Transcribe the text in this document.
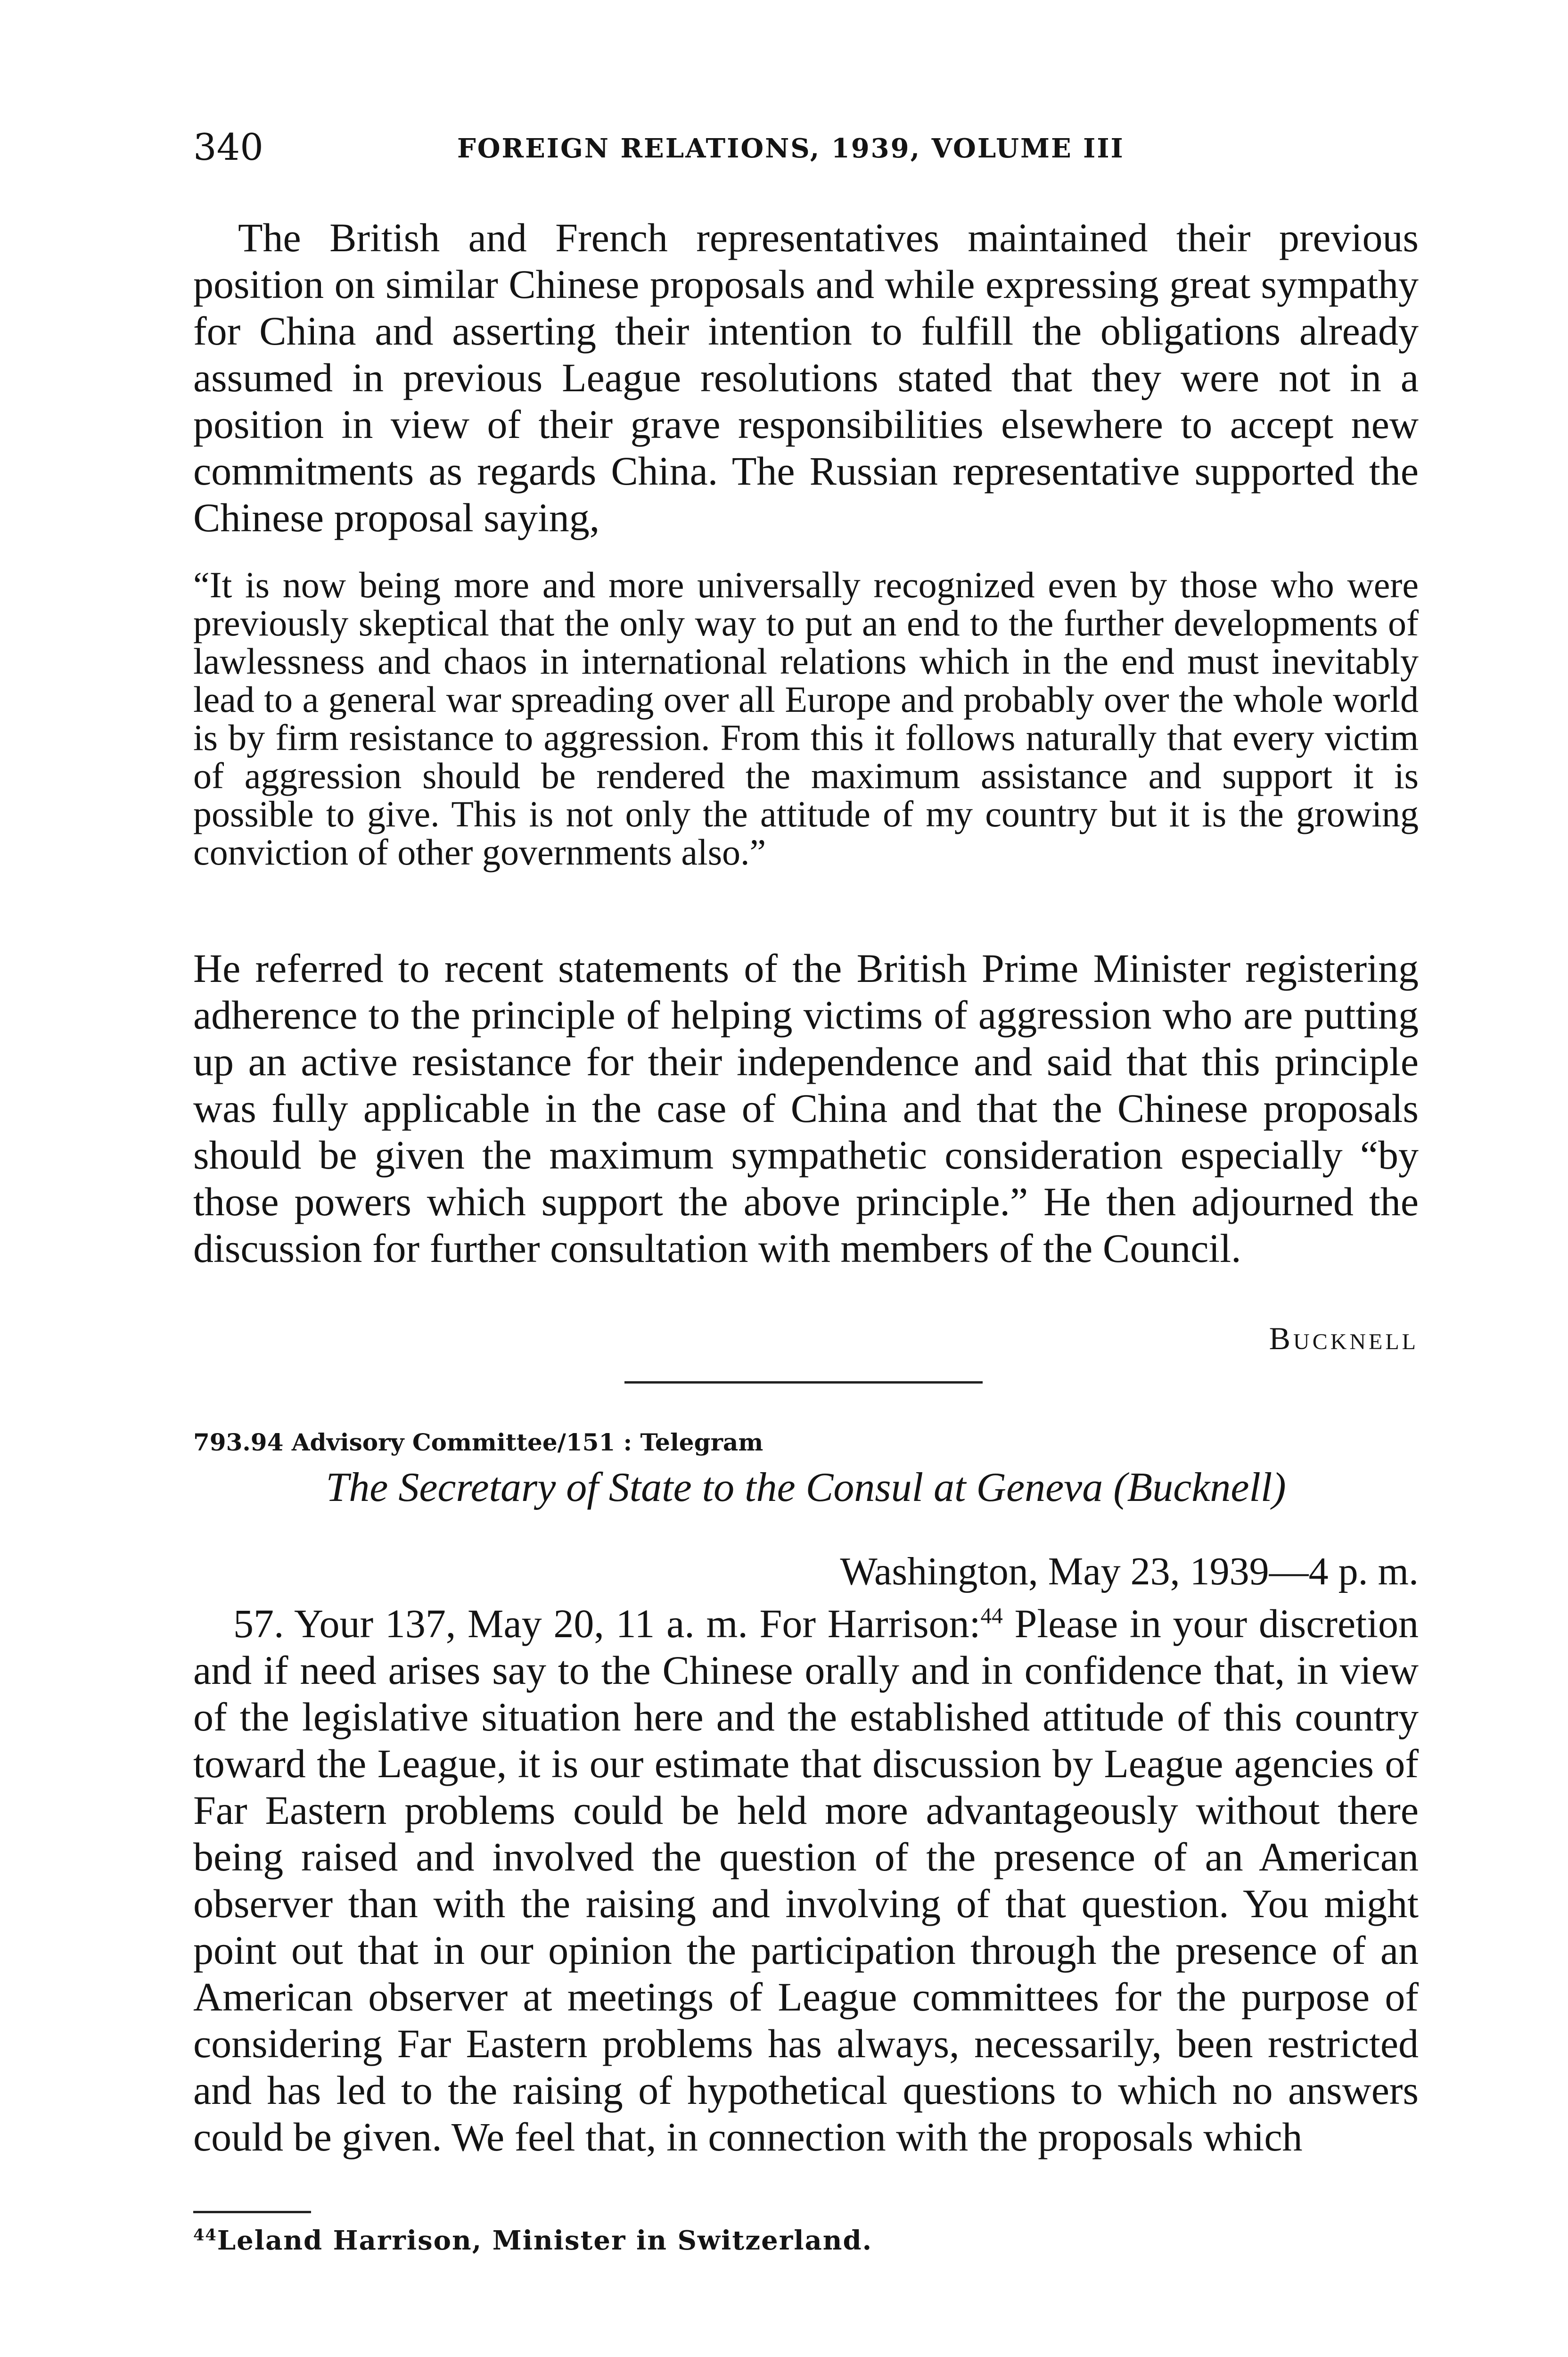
340	FOREIGN RELATIONS, 1939, VOLUME III

The British and French representatives maintained their previous position on similar Chinese proposals and while expressing great sympathy for China and asserting their intention to fulfill the obligations already assumed in previous League resolutions stated that they were not in a position in view of their grave responsibilities elsewhere to accept new commitments as regards China. The Russian representative supported the Chinese proposal saying,

“It is now being more and more universally recognized even by those who were previously skeptical that the only way to put an end to the further developments of lawlessness and chaos in international relations which in the end must inevitably lead to a general war spreading over all Europe and probably over the whole world is by firm resistance to aggression. From this it follows naturally that every victim of aggression should be rendered the maximum assistance and support it is possible to give. This is not only the attitude of my country but it is the growing conviction of other governments also.”

He referred to recent statements of the British Prime Minister registering adherence to the principle of helping victims of aggression who are putting up an active resistance for their independence and said that this principle was fully applicable in the case of China and that the Chinese proposals should be given the maximum sympathetic consideration especially “by those powers which support the above principle.” He then adjourned the discussion for further consultation with members of the Council.

Bucknell
793.94 Advisory Committee/151 : Telegram
The Secretary of State to the Consul at Geneva (Bucknell)
Washington, May 23, 1939—4 p. m.

57. Your 137, May 20, 11 a. m. For Harrison:$^{44}$ Please in your discretion and if need arises say to the Chinese orally and in confidence that, in view of the legislative situation here and the established attitude of this country toward the League, it is our estimate that discussion by League agencies of Far Eastern problems could be held more advantageously without there being raised and involved the question of the presence of an American observer than with the raising and involving of that question. You might point out that in our opinion the participation through the presence of an American observer at meetings of League committees for the purpose of considering Far Eastern problems has always, necessarily, been restricted and has led to the raising of hypothetical questions to which no answers could be given. We feel that, in connection with the proposals which

$^{44}$Leland Harrison, Minister in Switzerland.
